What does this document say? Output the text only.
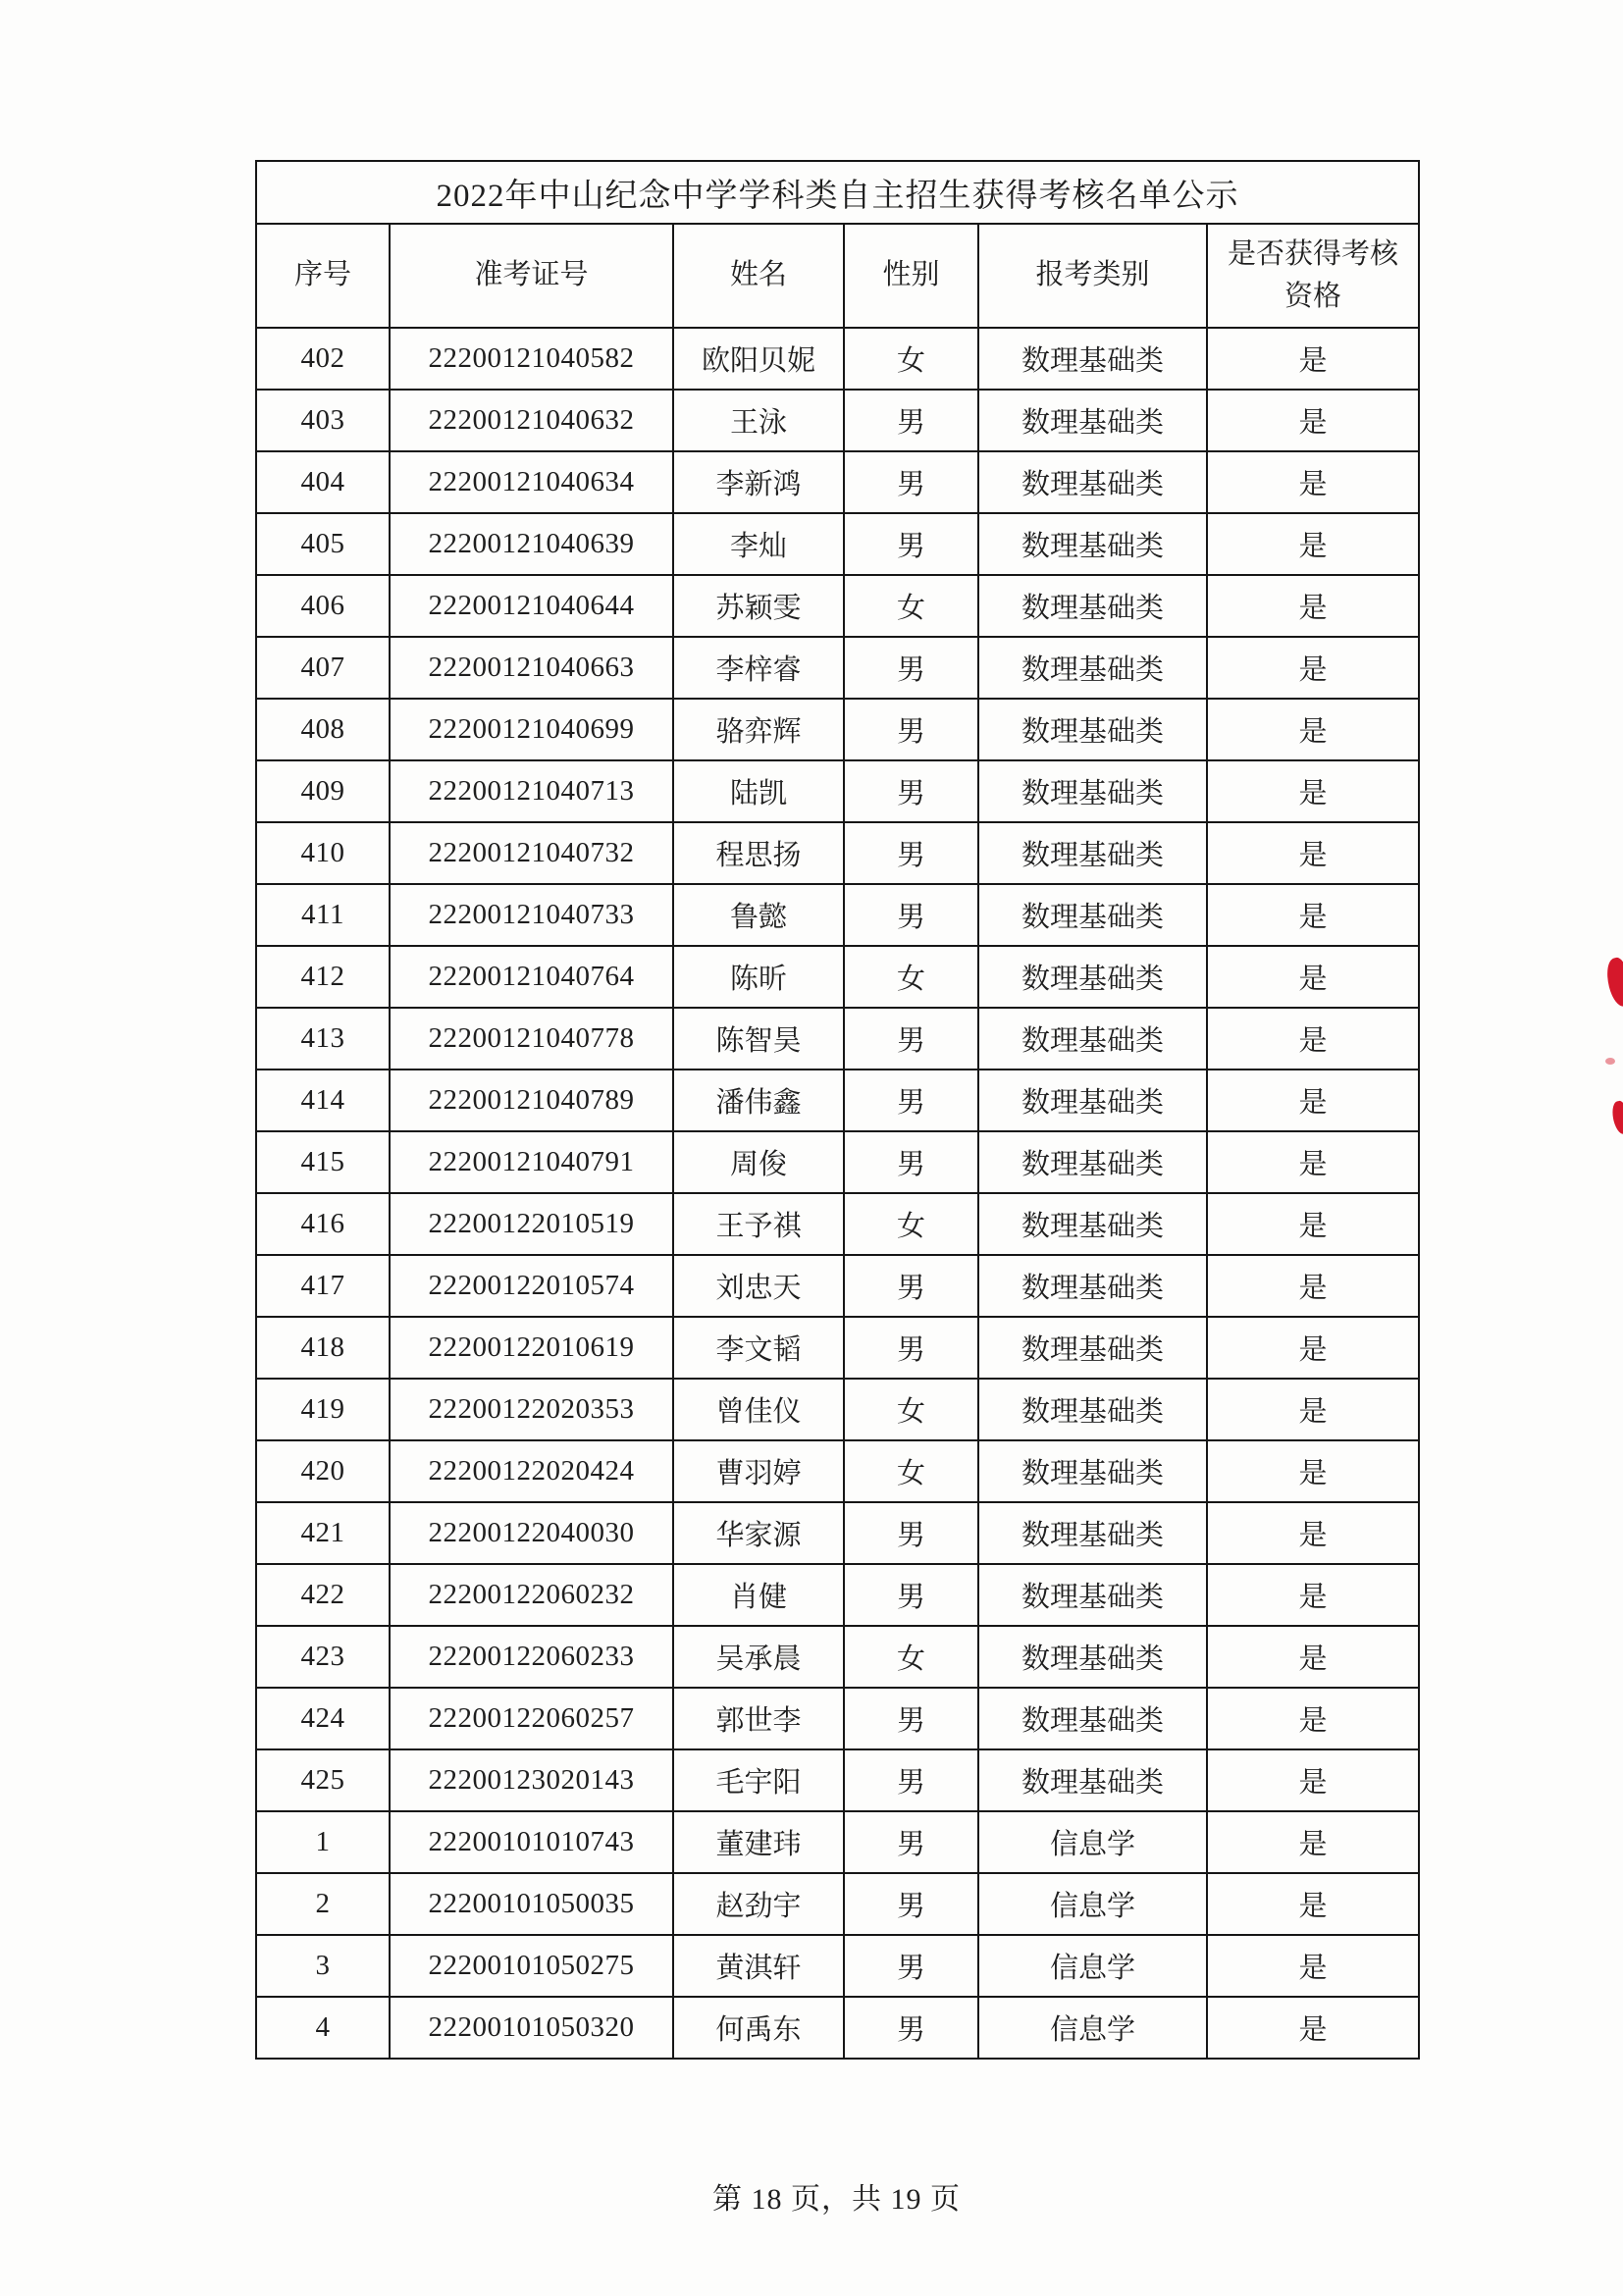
2022年中山纪念中学学科类自主招生获得考核名单公示					
序号	准考证号	姓名	性别	报考类别	是否获得考核资格
402	22200121040582	欧阳贝妮	女	数理基础类	是
403	22200121040632	王泳	男	数理基础类	是
404	22200121040634	李新鸿	男	数理基础类	是
405	22200121040639	李灿	男	数理基础类	是
406	22200121040644	苏颖雯	女	数理基础类	是
407	22200121040663	李梓睿	男	数理基础类	是
408	22200121040699	骆弈辉	男	数理基础类	是
409	22200121040713	陆凯	男	数理基础类	是
410	22200121040732	程思扬	男	数理基础类	是
411	22200121040733	鲁懿	男	数理基础类	是
412	22200121040764	陈昕	女	数理基础类	是
413	22200121040778	陈智昊	男	数理基础类	是
414	22200121040789	潘伟鑫	男	数理基础类	是
415	22200121040791	周俊	男	数理基础类	是
416	22200122010519	王予祺	女	数理基础类	是
417	22200122010574	刘忠天	男	数理基础类	是
418	22200122010619	李文韬	男	数理基础类	是
419	22200122020353	曾佳仪	女	数理基础类	是
420	22200122020424	曹羽婷	女	数理基础类	是
421	22200122040030	华家源	男	数理基础类	是
422	22200122060232	肖健	男	数理基础类	是
423	22200122060233	吴承晨	女	数理基础类	是
424	22200122060257	郭世李	男	数理基础类	是
425	22200123020143	毛宇阳	男	数理基础类	是
1	22200101010743	董建玮	男	信息学	是
2	22200101050035	赵劲宇	男	信息学	是
3	22200101050275	黄淇轩	男	信息学	是
4	22200101050320	何禹东	男	信息学	是
第 18 页，共 19 页
